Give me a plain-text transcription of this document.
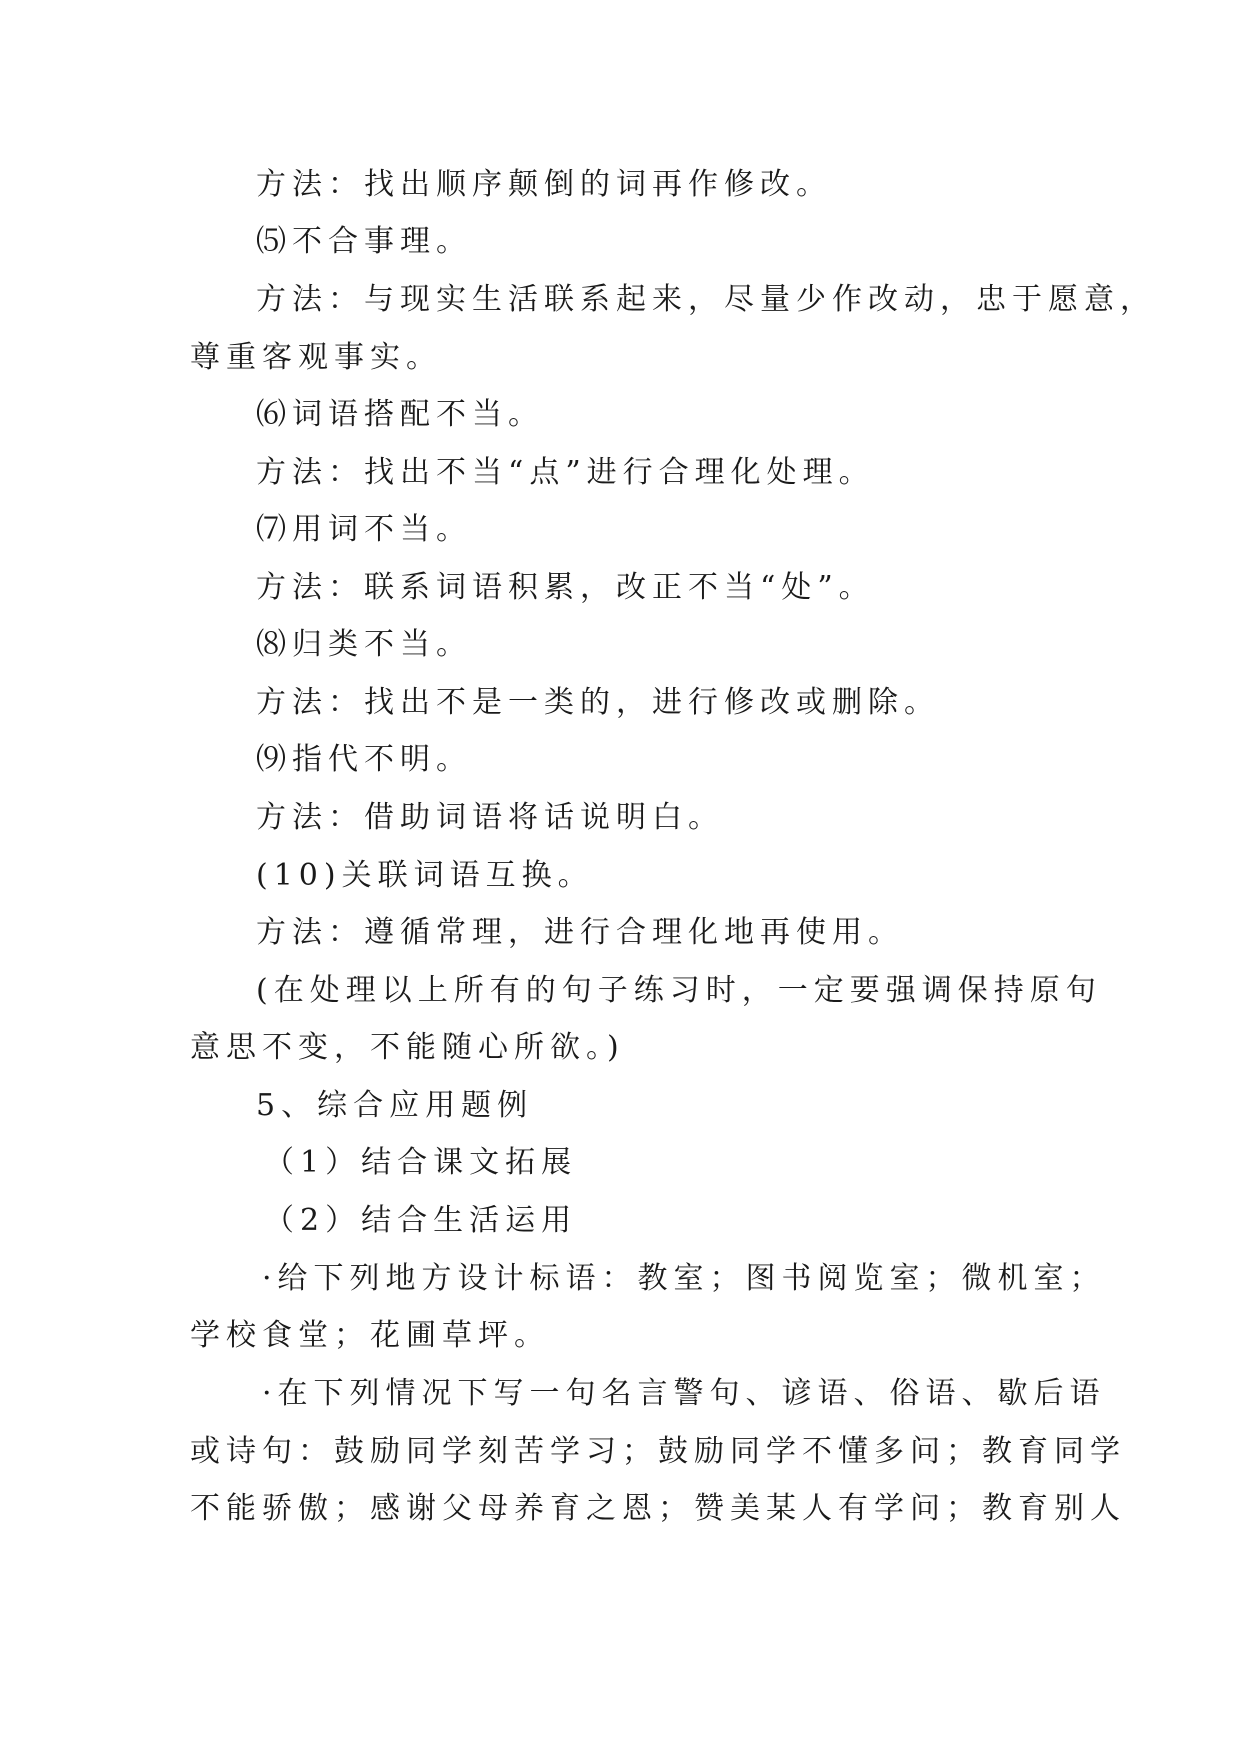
方法：找出顺序颠倒的词再作修改。
⑸不合事理。
方法：与现实生活联系起来，尽量少作改动，忠于愿意，
尊重客观事实。
⑹词语搭配不当。
方法：找出不当“点”进行合理化处理。
⑺用词不当。
方法：联系词语积累，改正不当“处”。
⑻归类不当。
方法：找出不是一类的，进行修改或删除。
⑼指代不明。
方法：借助词语将话说明白。
(10)关联词语互换。
方法：遵循常理，进行合理化地再使用。
(在处理以上所有的句子练习时，一定要强调保持原句
意思不变，不能随心所欲。)
5、综合应用题例
（1）结合课文拓展
（2）结合生活运用
·给下列地方设计标语：教室；图书阅览室；微机室；
学校食堂；花圃草坪。
·在下列情况下写一句名言警句、谚语、俗语、歇后语
或诗句：鼓励同学刻苦学习；鼓励同学不懂多问；教育同学
不能骄傲；感谢父母养育之恩；赞美某人有学问；教育别人
